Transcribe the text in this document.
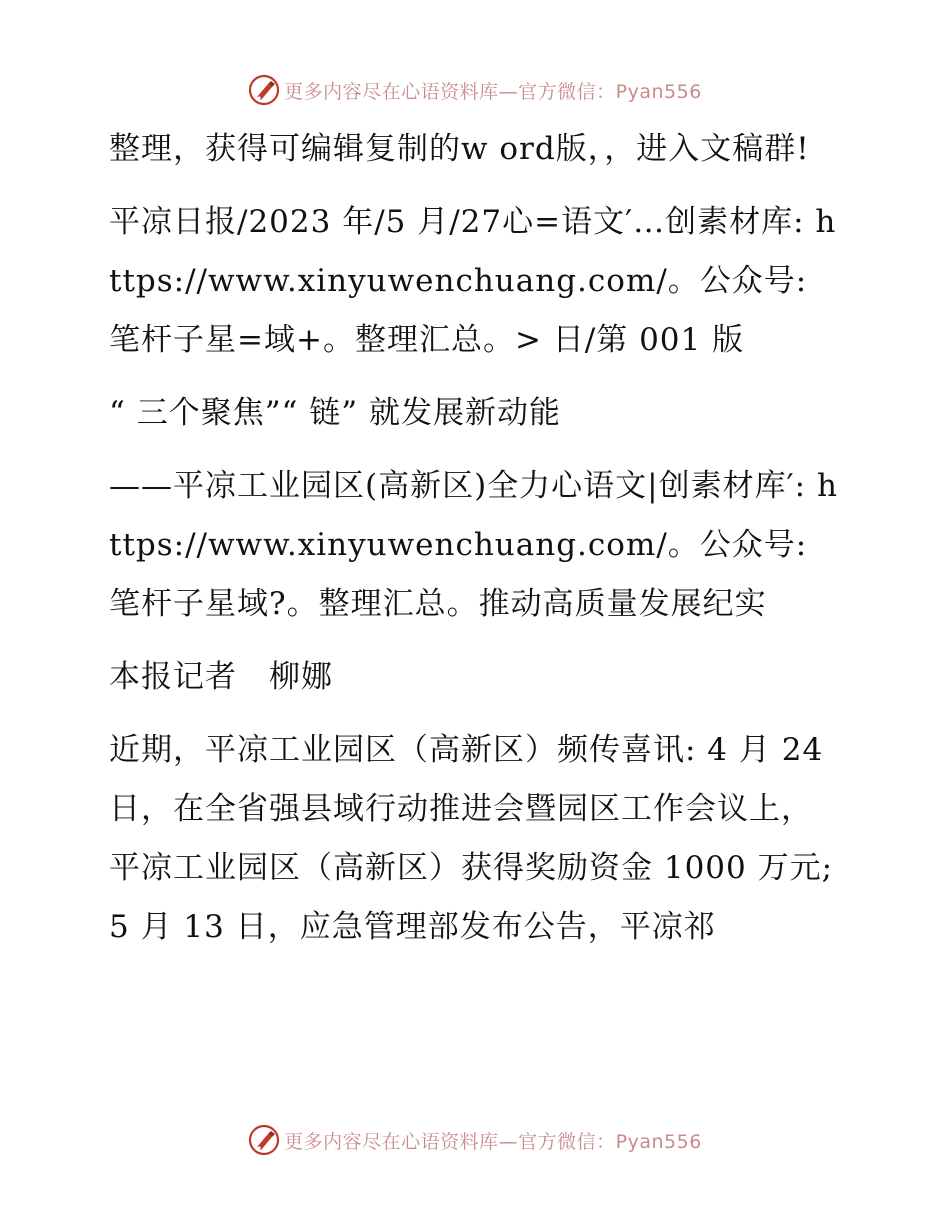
更多内容尽在心语资料库—官方微信：Pyan556

整理，获得可编辑复制的w ord版，，进入文稿群!

平凉日报/2023 年/5 月/27心=语文′…创素材库: https://www.xinyuwenchuang.com/。公众号: 笔杆子星=域+。整理汇总。> 日/第 001 版

“ 三个聚焦”“ 链” 就发展新动能

——平凉工业园区(高新区)全力心语文|创素材库′: https://www.xinyuwenchuang.com/。公众号: 笔杆子星域?。整理汇总。推动高质量发展纪实

本报记者　柳娜

近期，平凉工业园区（高新区）频传喜讯: 4 月 24 日，在全省强县域行动推进会暨园区工作会议上，平凉工业园区（高新区）获得奖励资金 1000 万元; 5 月 13 日，应急管理部发布公告，平凉祁

更多内容尽在心语资料库—官方微信：Pyan556
